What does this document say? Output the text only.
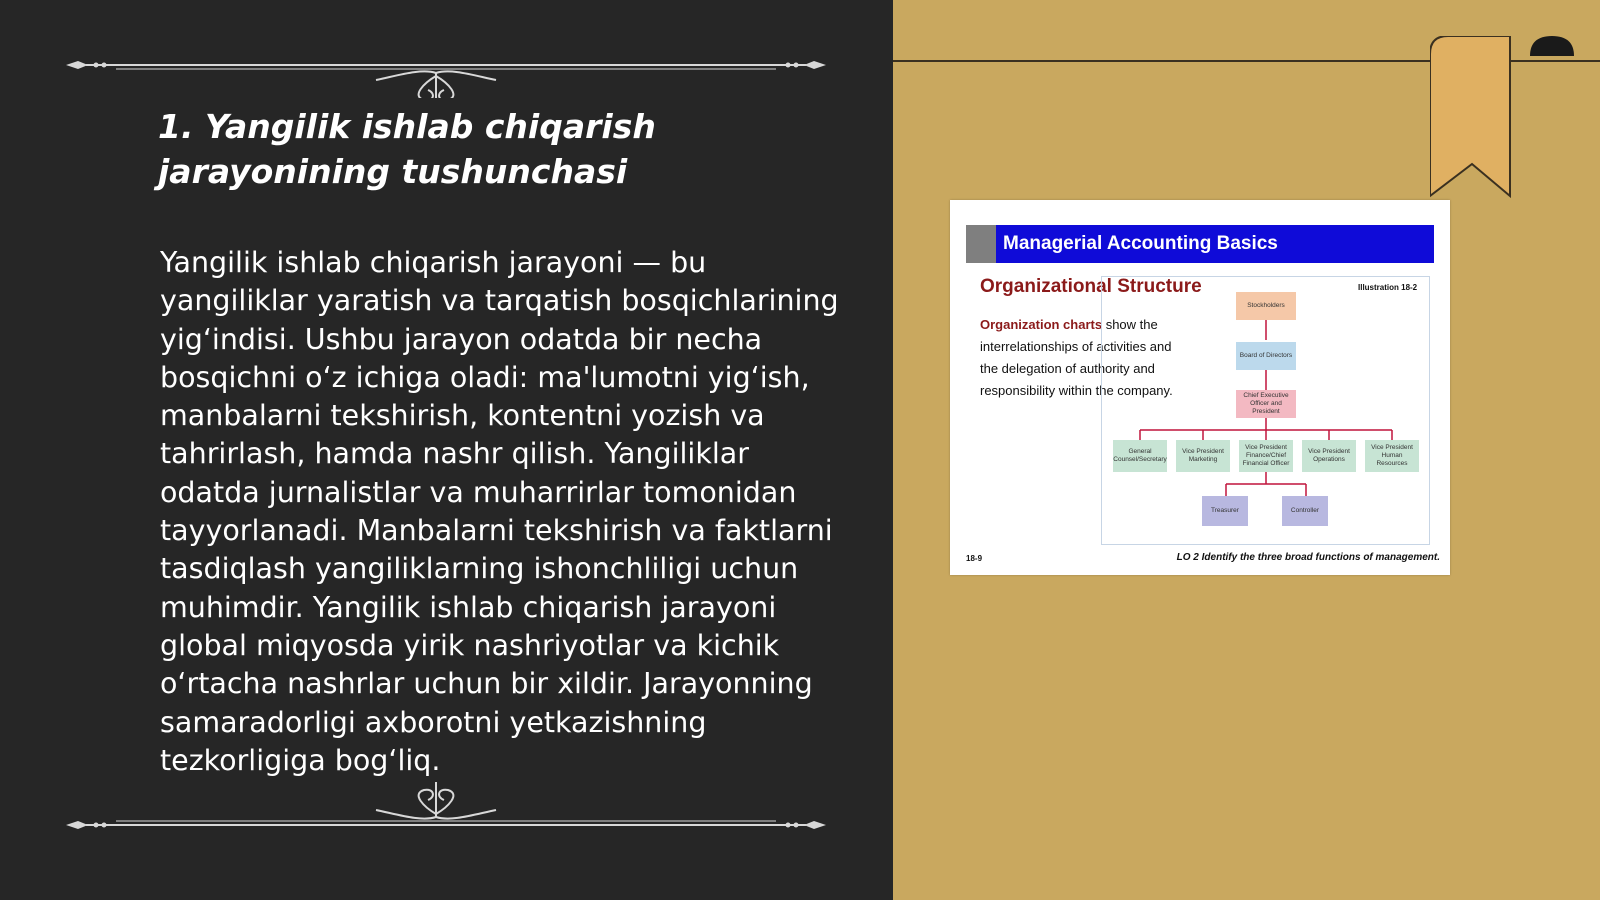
1. Yangilik ishlab chiqarish jarayonining tushunchasi

Yangilik ishlab chiqarish jarayoni — bu yangiliklar yaratish va tarqatish bosqichlarining yig‘indisi. Ushbu jarayon odatda bir necha bosqichni o‘z ichiga oladi: ma'lumotni yig‘ish, manbalarni tekshirish, kontentni yozish va tahrirlash, hamda nashr qilish. Yangiliklar odatda jurnalistlar va muharrirlar tomonidan tayyorlanadi. Manbalarni tekshirish va faktlarni tasdiqlash yangiliklarning ishonchliligi uchun muhimdir. Yangilik ishlab chiqarish jarayoni global miqyosda yirik nashriyotlar va kichik o‘rtacha nashrlar uchun bir xildir. Jarayonning samaradorligi axborotni yetkazishning tezkorligiga bog‘liq.

Managerial Accounting Basics
Organizational Structure
Organization charts show the interrelationships of activities and the delegation of authority and responsibility within the company.
Illustration 18-2
Stockholders
Board of Directors
Chief Executive Officer and President
General Counsel/Secretary
Vice President Marketing
Vice President Finance/Chief Financial Officer
Vice President Operations
Vice President Human Resources
Treasurer	Controller
18-9	LO 2 Identify the three broad functions of management.
